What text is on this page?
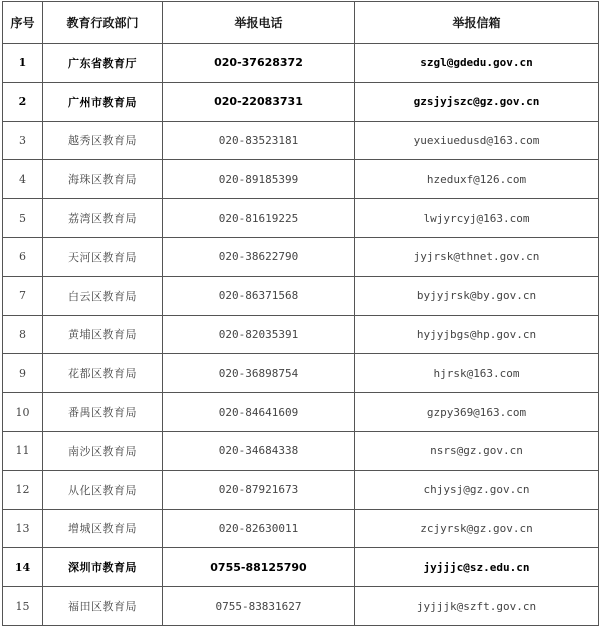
序号	教育行政部门	举报电话	举报信箱
1	广东省教育厅	020-37628372	szgl@gdedu.gov.cn
2	广州市教育局	020-22083731	gzsjyjszc@gz.gov.cn
3	越秀区教育局	020-83523181	yuexiuedusd@163.com
4	海珠区教育局	020-89185399	hzeduxf@126.com
5	荔湾区教育局	020-81619225	lwjyrcyj@163.com
6	天河区教育局	020-38622790	jyjrsk@thnet.gov.cn
7	白云区教育局	020-86371568	byjyjrsk@by.gov.cn
8	黄埔区教育局	020-82035391	hyjyjbgs@hp.gov.cn
9	花都区教育局	020-36898754	hjrsk@163.com
10	番禺区教育局	020-84641609	gzpy369@163.com
11	南沙区教育局	020-34684338	nsrs@gz.gov.cn
12	从化区教育局	020-87921673	chjysj@gz.gov.cn
13	增城区教育局	020-82630011	zcjyrsk@gz.gov.cn
14	深圳市教育局	0755-88125790	jyjjjc@sz.edu.cn
15	福田区教育局	0755-83831627	jyjjjk@szft.gov.cn
